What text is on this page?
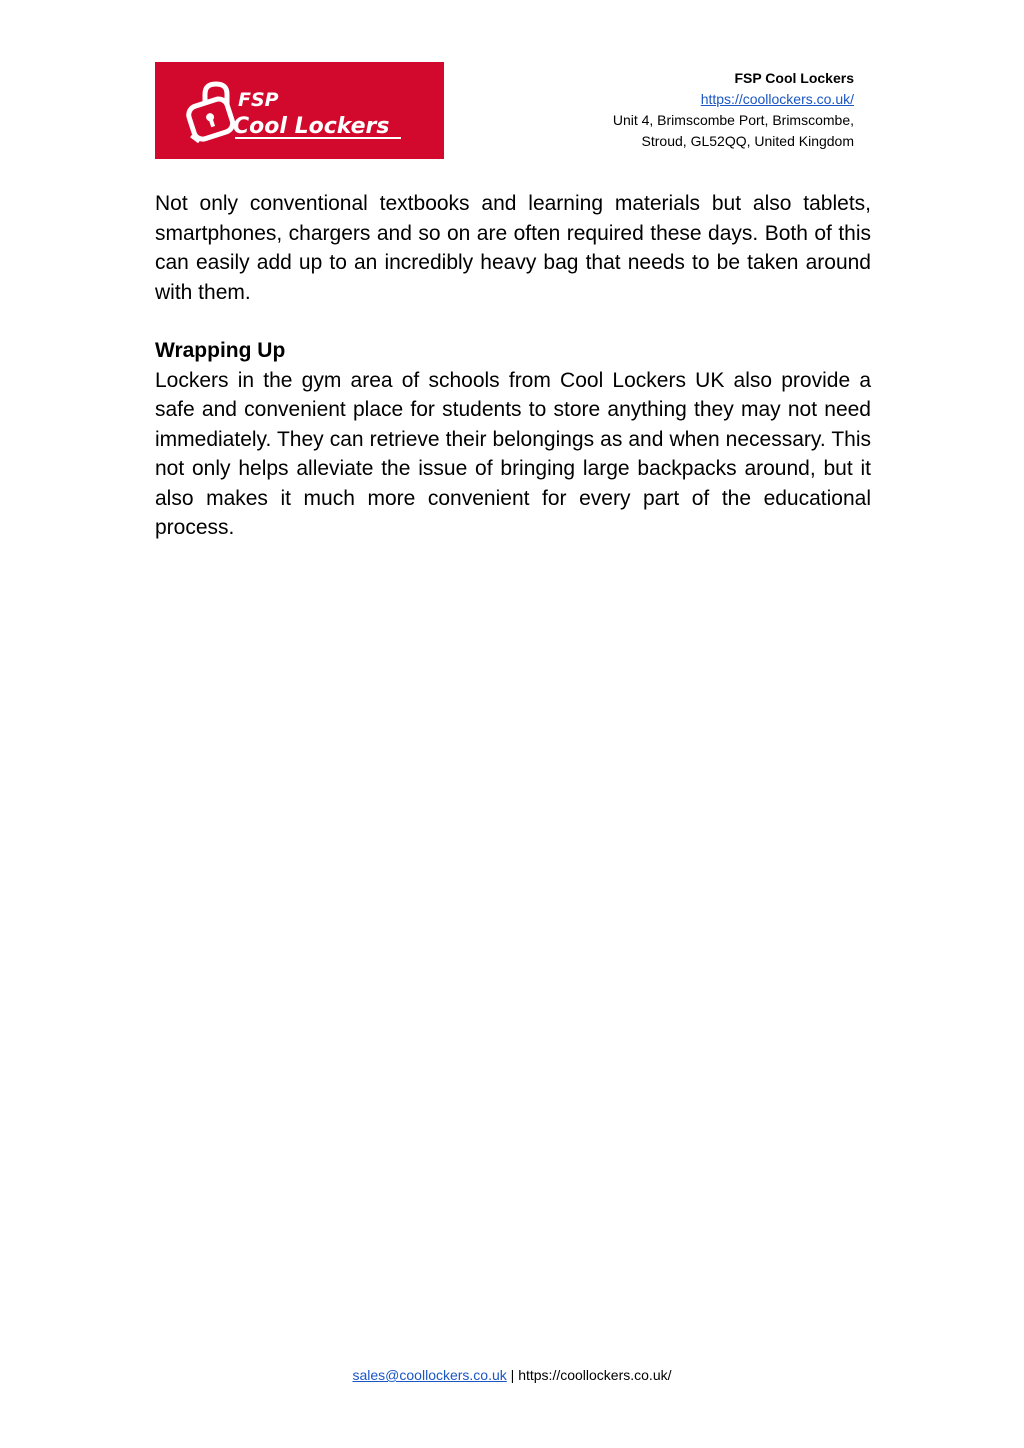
FSP
Cool Lockers
FSP Cool Lockers
https://coollockers.co.uk/
Unit 4, Brimscombe Port, Brimscombe,
Stroud, GL52QQ, United Kingdom

Not only conventional textbooks and learning materials but also tablets, smartphones, chargers and so on are often required these days. Both of this can easily add up to an incredibly heavy bag that needs to be taken around with them.

Wrapping Up

Lockers in the gym area of schools from Cool Lockers UK also provide a safe and convenient place for students to store anything they may not need immediately. They can retrieve their belongings as and when necessary. This not only helps alleviate the issue of bringing large backpacks around, but it also makes it much more convenient for every part of the educational process.

sales@coollockers.co.uk | https://coollockers.co.uk/
